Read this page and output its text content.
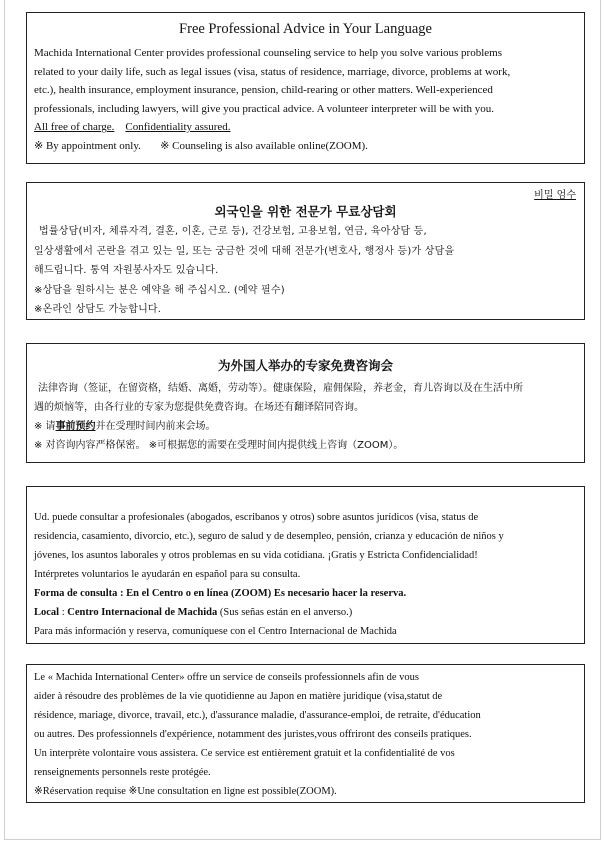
Free Professional Advice in Your Language

Machida International Center provides professional counseling service to help you solve various problems

related to your daily life, such as legal issues (visa, status of residence, marriage, divorce, problems at work,

etc.), health insurance, employment insurance, pension, child-rearing or other matters. Well-experienced

professionals, including lawyers, will give you practical advice. A volunteer interpreter will be with you.

All free of charge. Confidentiality assured.

※ By appointment only. ※ Counseling is also available online(ZOOM).

비밀 엄수
외국인을 위한 전문가 무료상담회

법률상담(비자, 체류자격, 결혼, 이혼, 근로 등), 건강보험, 고용보험, 연금, 육아상담 등,

일상생활에서 곤란을 겪고 있는 일, 또는 궁금한 것에 대해 전문가(변호사, 행정사 등)가 상담을

해드립니다. 통역 자원봉사자도 있습니다.

※상담을 원하시는 분은 예약을 해 주십시오. (예약 필수)

※온라인 상담도 가능합니다.

为外国人举办的专家免费咨询会

法律咨询（签证，在留资格，结婚、离婚，劳动等）。健康保险，雇佣保险，养老金，育儿咨询以及在生活中所

遇的烦恼等，由各行业的专家为您提供免费咨询。在场还有翻译陪同咨询。

※ 请事前预约并在受理时间内前来会场。

※ 对咨询内容严格保密。 ※可根据您的需要在受理时间内提供线上咨询（ZOOM）。

Ud. puede consultar a profesionales (abogados, escribanos y otros) sobre asuntos jurídicos (visa, status de

residencia, casamiento, divorcio, etc.), seguro de salud y de desempleo, pensión, crianza y educación de niños y

jóvenes, los asuntos laborales y otros problemas en su vida cotidiana. ¡Gratis y Estricta Confidencialidad!

Intérpretes voluntarios le ayudarán en español para su consulta.

Forma de consulta : En el Centro o en línea (ZOOM) Es necesario hacer la reserva.

Local : Centro Internacional de Machida (Sus señas están en el anverso.)

Para más información y reserva, comuníquese con el Centro Internacional de Machida

Le « Machida International Center» offre un service de conseils professionnels afin de vous

aider à résoudre des problèmes de la vie quotidienne au Japon en matière juridique (visa,statut de

résidence, mariage, divorce, travail, etc.), d'assurance maladie, d'assurance-emploi, de retraite, d'éducation

ou autres. Des professionnels d'expérience, notamment des juristes,vous offriront des conseils pratiques.

Un interprète volontaire vous assistera. Ce service est entièrement gratuit et la confidentialité de vos

renseignements personnels reste protégée.

※Réservation requise ※Une consultation en ligne est possible(ZOOM).
